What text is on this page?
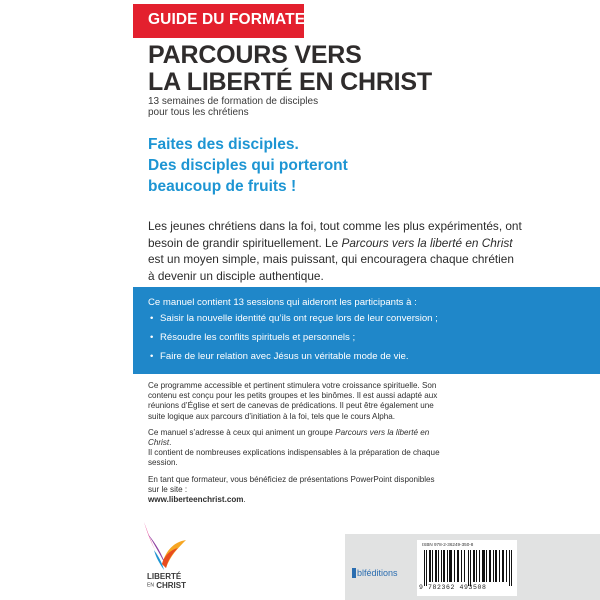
GUIDE DU FORMATEUR
PARCOURS VERS
LA LIBERTÉ EN CHRIST
13 semaines de formation de disciples
pour tous les chrétiens
Faites des disciples.
Des disciples qui porteront
beaucoup de fruits !
Les jeunes chrétiens dans la foi, tout comme les plus expérimentés, ont besoin de grandir spirituellement. Le Parcours vers la liberté en Christ est un moyen simple, mais puissant, qui encouragera chaque chrétien à devenir un disciple authentique.
Ce manuel contient 13 sessions qui aideront les participants à :
• Saisir la nouvelle identité qu’ils ont reçue lors de leur conversion ;
• Résoudre les conflits spirituels et personnels ;
• Faire de leur relation avec Jésus un véritable mode de vie.

Ce programme accessible et pertinent stimulera votre croissance spirituelle. Son contenu est conçu pour les petits groupes et les binômes. Il est aussi adapté aux réunions d’Église et sert de canevas de prédications. Il peut être également une suite logique aux parcours d’initiation à la foi, tels que le cours Alpha.

Ce manuel s’adresse à ceux qui animent un groupe Parcours vers la liberté en Christ.
Il contient de nombreuses explications indispensables à la préparation de chaque session.

En tant que formateur, vous bénéficiez de présentations PowerPoint disponibles sur le site :
www.liberteenchrist.com.

LIBERTÉ
EN CHRIST
blféditions
ISBN 978-2-36249-350-8
9 782362 493508
